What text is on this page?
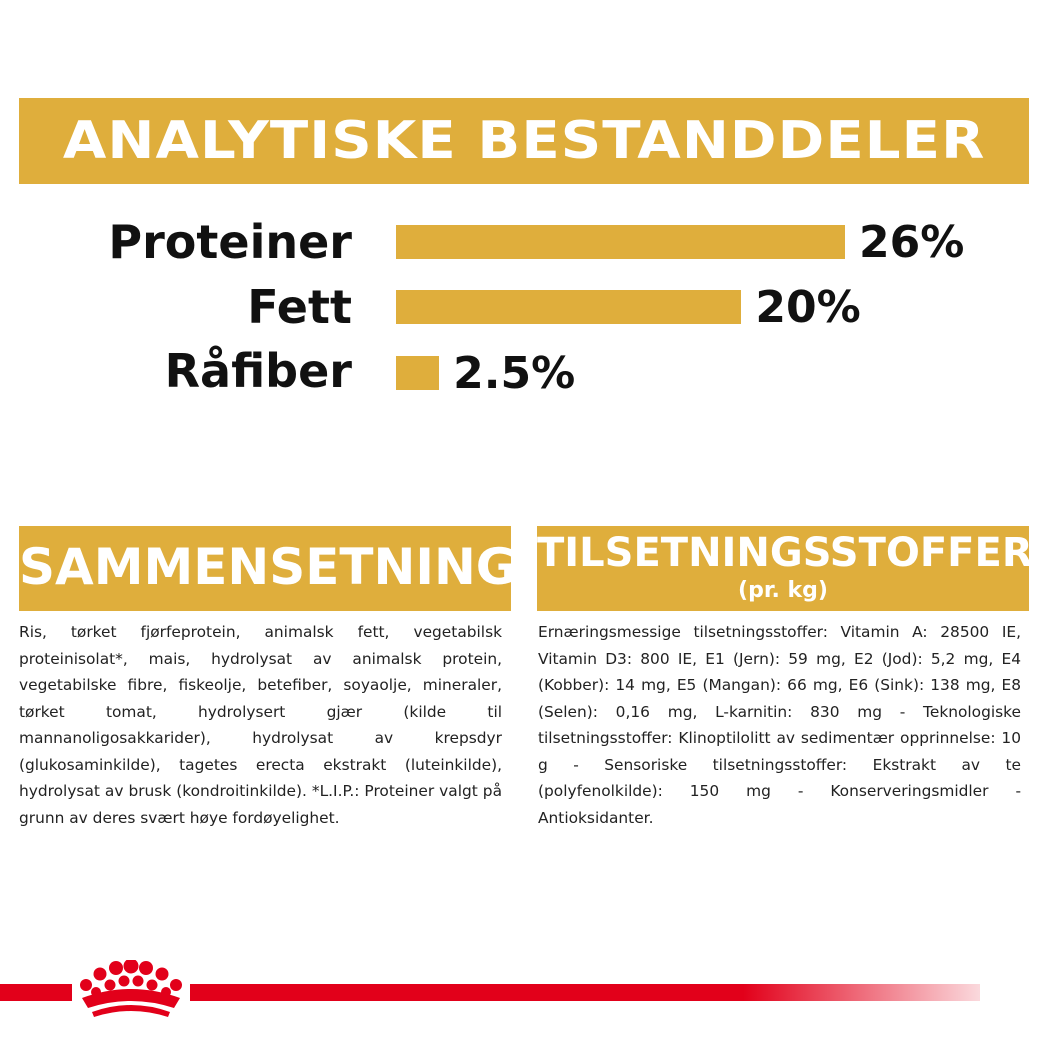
ANALYTISKE BESTANDDELER
Proteiner	26%
Fett	20%
Råfiber 2.5%
SAMMENSETNING TILSETNINGSSTOFFER
(pr. kg)

Ris, tørket fjørfeprotein, animalsk fett, vegetabilsk proteinisolat*, mais, hydrolysat av animalsk protein, vegetabilske fibre, fiskeolje, betefiber, soyaolje, mineraler, tørket tomat, hydrolysert gjær (kilde til mannanoligosakkarider), hydrolysat av krepsdyr (glukosaminkilde), tagetes erecta ekstrakt (luteinkilde), hydrolysat av brusk (kondroitinkilde). *L.I.P.: Proteiner valgt på grunn av deres svært høye fordøyelighet.

Ernæringsmessige tilsetningsstoffer: Vitamin A: 28500 IE, Vitamin D3: 800 IE, E1 (Jern): 59 mg, E2 (Jod): 5,2 mg, E4 (Kobber): 14 mg, E5 (Mangan): 66 mg, E6 (Sink): 138 mg, E8 (Selen): 0,16 mg, L-karnitin: 830 mg - Teknologiske tilsetningsstoffer: Klinoptilolitt av sedimentær opprinnelse: 10 g - Sensoriske tilsetningsstoffer: Ekstrakt av te (polyfenolkilde): 150 mg - Konserveringsmidler - Antioksidanter.
